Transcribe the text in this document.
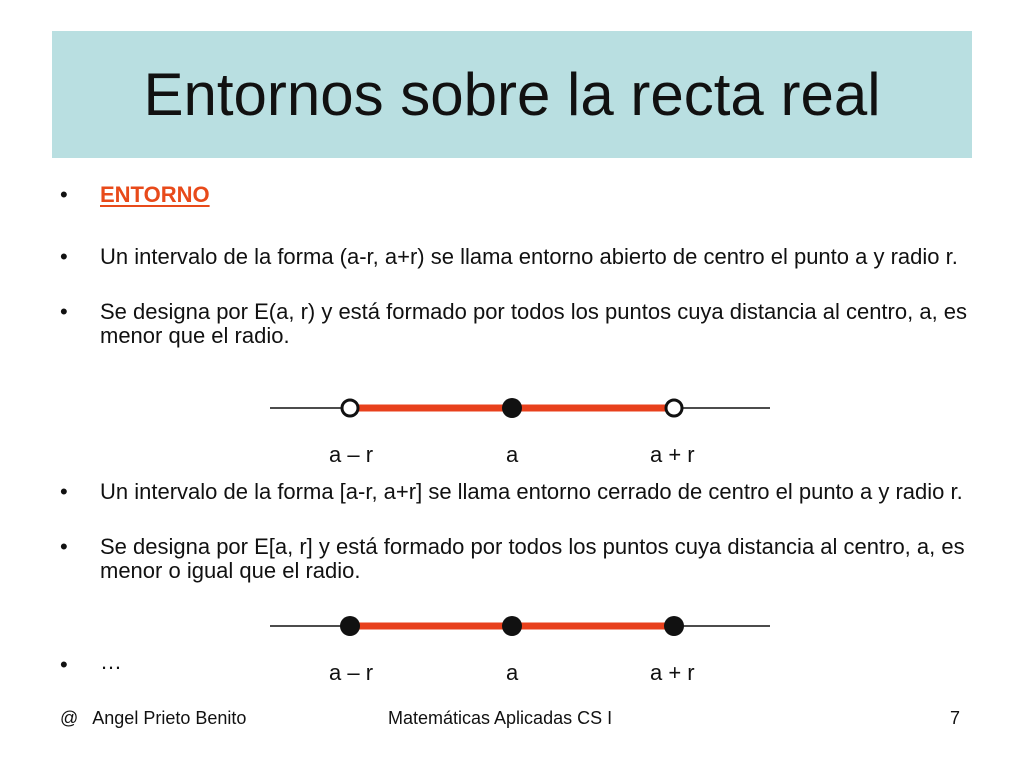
Entornos sobre la recta real
• ENTORNO
• Un intervalo de la forma (a-r, a+r) se llama entorno abierto de centro el punto a y radio r.
• Se designa por E(a, r) y está formado por todos los puntos cuya distancia al centro, a, es menor que el radio.
a – r	a	a + r
• Un intervalo de la forma [a-r, a+r] se llama entorno cerrado de centro el punto a y radio r.
• Se designa por E[a, r] y está formado por todos los puntos cuya distancia al centro, a, es menor o igual que el radio.
• …	a – r	a	a + r
@   Angel Prieto Benito	Matemáticas Aplicadas CS I	7
